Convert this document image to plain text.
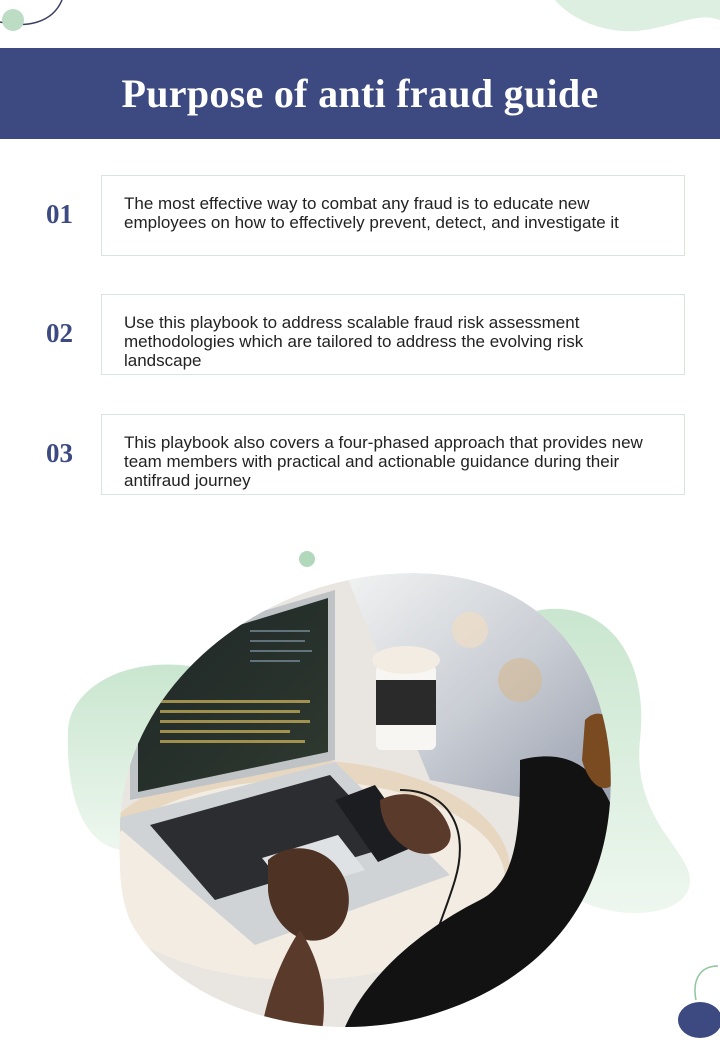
Purpose of anti fraud guide
01	The most effective way to combat any fraud is to educate new employees on how to effectively prevent, detect, and investigate it

02	Use this playbook to address scalable fraud risk assessment methodologies which are tailored to address the evolving risk landscape

03	This playbook also covers a four-phased approach that provides new team members with practical and actionable guidance during their antifraud journey
